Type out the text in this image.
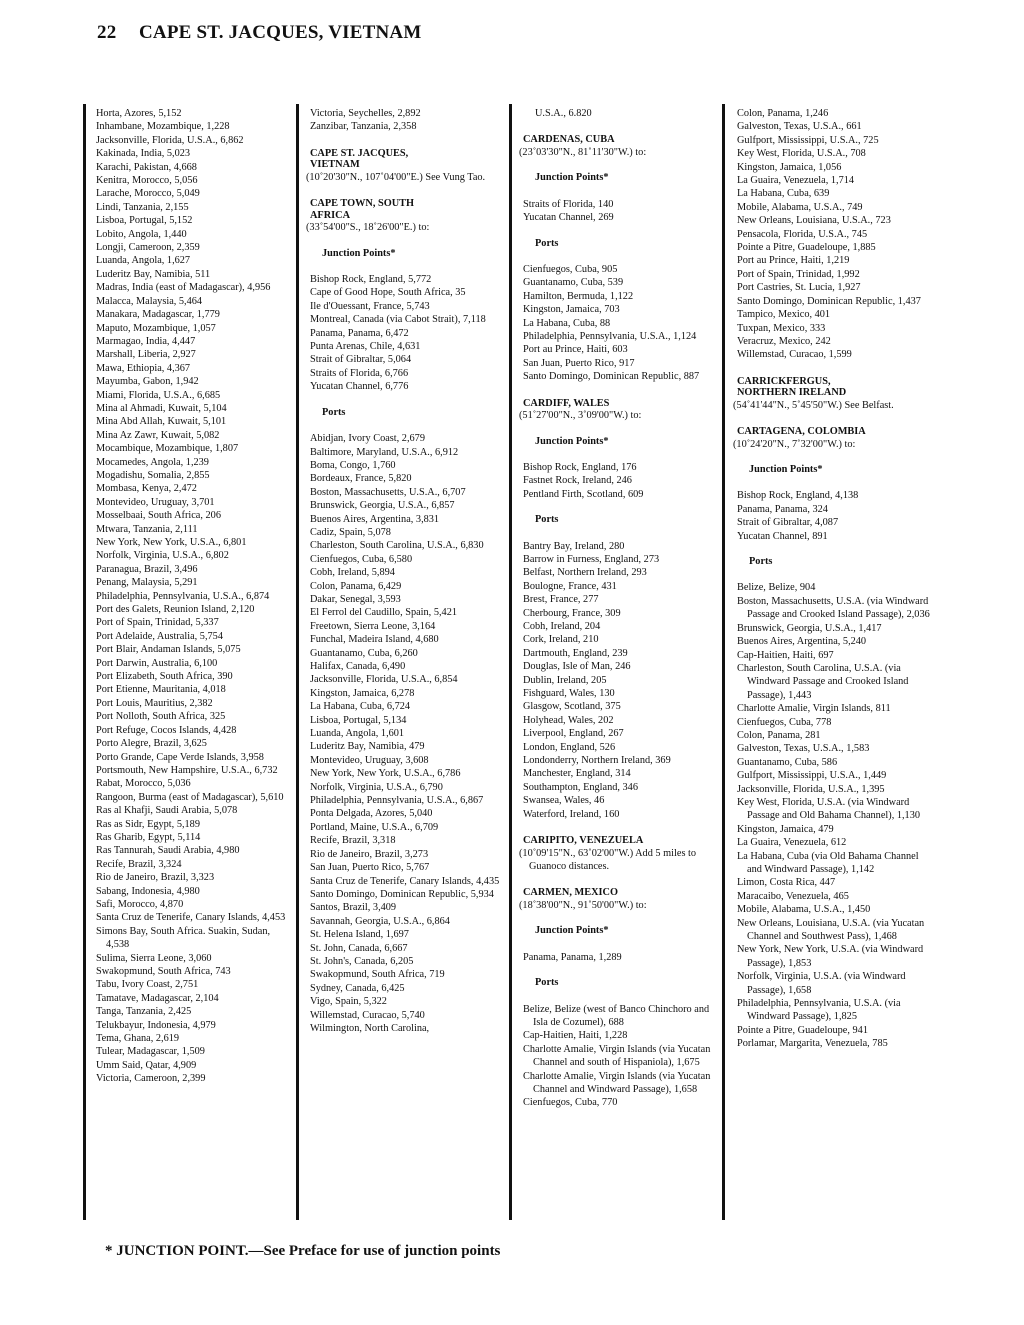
22 CAPE ST. JACQUES, VIETNAM
Horta, Azores, 5,152
Inhambane, Mozambique, 1,228
Jacksonville, Florida, U.S.A., 6,862
Kakinada, India, 5,023
Karachi, Pakistan, 4,668
Kenitra, Morocco, 5,056
Larache, Morocco, 5,049
Lindi, Tanzania, 2,155
Lisboa, Portugal, 5,152
Lobito, Angola, 1,440
Longji, Cameroon, 2,359
Luanda, Angola, 1,627
Luderitz Bay, Namibia, 511
Madras, India (east of Madagascar), 4,956
Malacca, Malaysia, 5,464
Manakara, Madagascar, 1,779
Maputo, Mozambique, 1,057
Marmagao, India, 4,447
Marshall, Liberia, 2,927
Mawa, Ethiopia, 4,367
Mayumba, Gabon, 1,942
Miami, Florida, U.S.A., 6,685
Mina al Ahmadi, Kuwait, 5,104
Mina Abd Allah, Kuwait, 5,101
Mina Az Zawr, Kuwait, 5,082
Mocambique, Mozambique, 1,807
Mocamedes, Angola, 1,239
Mogadishu, Somalia, 2,855
Mombasa, Kenya, 2,472
Montevideo, Uruguay, 3,701
Mosselbaai, South Africa, 206
Mtwara, Tanzania, 2,111
New York, New York, U.S.A., 6,801
Norfolk, Virginia, U.S.A., 6,802
Paranagua, Brazil, 3,496
Penang, Malaysia, 5,291
Philadelphia, Pennsylvania, U.S.A., 6,874
Port des Galets, Reunion Island, 2,120
Port of Spain, Trinidad, 5,337
Port Adelaide, Australia, 5,754
Port Blair, Andaman Islands, 5,075
Port Darwin, Australia, 6,100
Port Elizabeth, South Africa, 390
Port Etienne, Mauritania, 4,018
Port Louis, Mauritius, 2,382
Port Nolloth, South Africa, 325
Port Refuge, Cocos Islands, 4,428
Porto Alegre, Brazil, 3,625
Porto Grande, Cape Verde Islands, 3,958
Portsmouth, New Hampshire, U.S.A., 6,732
Rabat, Morocco, 5,036
Rangoon, Burma (east of Madagascar), 5,610
Ras al Khafji, Saudi Arabia, 5,078
Ras as Sidr, Egypt, 5,189
Ras Gharib, Egypt, 5,114
Ras Tannurah, Saudi Arabia, 4,980
Recife, Brazil, 3,324
Rio de Janeiro, Brazil, 3,323
Sabang, Indonesia, 4,980
Safi, Morocco, 4,870
Santa Cruz de Tenerife, Canary Islands, 4,453
Simons Bay, South Africa. Suakin, Sudan, 4,538
Sulima, Sierra Leone, 3,060
Swakopmund, South Africa, 743
Tabu, Ivory Coast, 2,751
Tamatave, Madagascar, 2,104
Tanga, Tanzania, 2,425
Telukbayur, Indonesia, 4,979
Tema, Ghana, 2,619
Tulear, Madagascar, 1,509
Umm Said, Qatar, 4,909
Victoria, Cameroon, 2,399
Victoria, Seychelles, 2,892
Zanzibar, Tanzania, 2,358
CAPE ST. JACQUES,
VIETNAM
(10˚20'30"N., 107˚04'00"E.) See Vung Tao.
CAPE TOWN, SOUTH
AFRICA
(33˚54'00"S., 18˚26'00"E.) to:
Junction Points*
Bishop Rock, England, 5,772
Cape of Good Hope, South Africa, 35
Ile d'Ouessant, France, 5,743
Montreal, Canada (via Cabot Strait), 7,118
Panama, Panama, 6,472
Punta Arenas, Chile, 4,631
Strait of Gibraltar, 5,064
Straits of Florida, 6,766
Yucatan Channel, 6,776
Ports
Abidjan, Ivory Coast, 2,679
Baltimore, Maryland, U.S.A., 6,912
Boma, Congo, 1,760
Bordeaux, France, 5,820
Boston, Massachusetts, U.S.A., 6,707
Brunswick, Georgia, U.S.A., 6,857
Buenos Aires, Argentina, 3,831
Cadiz, Spain, 5,078
Charleston, South Carolina, U.S.A., 6,830
Cienfuegos, Cuba, 6,580
Cobh, Ireland, 5,894
Colon, Panama, 6,429
Dakar, Senegal, 3,593
El Ferrol del Caudillo, Spain, 5,421
Freetown, Sierra Leone, 3,164
Funchal, Madeira Island, 4,680
Guantanamo, Cuba, 6,260
Halifax, Canada, 6,490
Jacksonville, Florida, U.S.A., 6,854
Kingston, Jamaica, 6,278
La Habana, Cuba, 6,724
Lisboa, Portugal, 5,134
Luanda, Angola, 1,601
Luderitz Bay, Namibia, 479
Montevideo, Uruguay, 3,608
New York, New York, U.S.A., 6,786
Norfolk, Virginia, U.S.A., 6,790
Philadelphia, Pennsylvania, U.S.A., 6,867
Ponta Delgada, Azores, 5,040
Portland, Maine, U.S.A., 6,709
Recife, Brazil, 3,318
Rio de Janeiro, Brazil, 3,273
San Juan, Puerto Rico, 5,767
Santa Cruz de Tenerife, Canary Islands, 4,435
Santo Domingo, Dominican Republic, 5,934
Santos, Brazil, 3,409
Savannah, Georgia, U.S.A., 6,864
St. Helena Island, 1,697
St. John, Canada, 6,667
St. John's, Canada, 6,205
Swakopmund, South Africa, 719
Sydney, Canada, 6,425
Vigo, Spain, 5,322
Willemstad, Curacao, 5,740
Wilmington, North Carolina,
U.S.A., 6.820
CARDENAS, CUBA
(23˚03'30"N., 81˚11'30"W.) to:
Junction Points*
Straits of Florida, 140
Yucatan Channel, 269
Ports
Cienfuegos, Cuba, 905
Guantanamo, Cuba, 539
Hamilton, Bermuda, 1,122
Kingston, Jamaica, 703
La Habana, Cuba, 88
Philadelphia, Pennsylvania, U.S.A., 1,124
Port au Prince, Haiti, 603
San Juan, Puerto Rico, 917
Santo Domingo, Dominican Republic, 887
CARDIFF, WALES
(51˚27'00"N., 3˚09'00"W.) to:
Junction Points*
Bishop Rock, England, 176
Fastnet Rock, Ireland, 246
Pentland Firth, Scotland, 609
Ports
Bantry Bay, Ireland, 280
Barrow in Furness, England, 273
Belfast, Northern Ireland, 293
Boulogne, France, 431
Brest, France, 277
Cherbourg, France, 309
Cobh, Ireland, 204
Cork, Ireland, 210
Dartmouth, England, 239
Douglas, Isle of Man, 246
Dublin, Ireland, 205
Fishguard, Wales, 130
Glasgow, Scotland, 375
Holyhead, Wales, 202
Liverpool, England, 267
London, England, 526
Londonderry, Northern Ireland, 369
Manchester, England, 314
Southampton, England, 346
Swansea, Wales, 46
Waterford, Ireland, 160
CARIPITO, VENEZUELA
(10˚09'15"N., 63˚02'00"W.) Add 5 miles to Guanoco distances.
CARMEN, MEXICO
(18˚38'00"N., 91˚50'00"W.) to:
Junction Points*
Panama, Panama, 1,289
Ports
Belize, Belize (west of Banco Chinchoro and Isla de Cozumel), 688
Cap-Haitien, Haiti, 1,228
Charlotte Amalie, Virgin Islands (via Yucatan Channel and south of Hispaniola), 1,675
Charlotte Amalie, Virgin Islands (via Yucatan Channel and Windward Passage), 1,658
Cienfuegos, Cuba, 770
Colon, Panama, 1,246
Galveston, Texas, U.S.A., 661
Gulfport, Mississippi, U.S.A., 725
Key West, Florida, U.S.A., 708
Kingston, Jamaica, 1,056
La Guaira, Venezuela, 1,714
La Habana, Cuba, 639
Mobile, Alabama, U.S.A., 749
New Orleans, Louisiana, U.S.A., 723
Pensacola, Florida, U.S.A., 745
Pointe a Pitre, Guadeloupe, 1,885
Port au Prince, Haiti, 1,219
Port of Spain, Trinidad, 1,992
Port Castries, St. Lucia, 1,927
Santo Domingo, Dominican Republic, 1,437
Tampico, Mexico, 401
Tuxpan, Mexico, 333
Veracruz, Mexico, 242
Willemstad, Curacao, 1,599
CARRICKFERGUS,
NORTHERN IRELAND
(54˚41'44"N., 5˚45'50"W.) See Belfast.
CARTAGENA, COLOMBIA
(10˚24'20"N., 7˚32'00"W.) to:
Junction Points*
Bishop Rock, England, 4,138
Panama, Panama, 324
Strait of Gibraltar, 4,087
Yucatan Channel, 891
Ports
Belize, Belize, 904
Boston, Massachusetts, U.S.A. (via Windward Passage and Crooked Island Passage), 2,036
Brunswick, Georgia, U.S.A., 1,417
Buenos Aires, Argentina, 5,240
Cap-Haitien, Haiti, 697
Charleston, South Carolina, U.S.A. (via Windward Passage and Crooked Island Passage), 1,443
Charlotte Amalie, Virgin Islands, 811
Cienfuegos, Cuba, 778
Colon, Panama, 281
Galveston, Texas, U.S.A., 1,583
Guantanamo, Cuba, 586
Gulfport, Mississippi, U.S.A., 1,449
Jacksonville, Florida, U.S.A., 1,395
Key West, Florida, U.S.A. (via Windward Passage and Old Bahama Channel), 1,130
Kingston, Jamaica, 479
La Guaira, Venezuela, 612
La Habana, Cuba (via Old Bahama Channel and Windward Passage), 1,142
Limon, Costa Rica, 447
Maracaibo, Venezuela, 465
Mobile, Alabama, U.S.A., 1,450
New Orleans, Louisiana, U.S.A. (via Yucatan Channel and Southwest Pass), 1,468
New York, New York, U.S.A. (via Windward Passage), 1,853
Norfolk, Virginia, U.S.A. (via Windward Passage), 1,658
Philadelphia, Pennsylvania, U.S.A. (via Windward Passage), 1,825
Pointe a Pitre, Guadeloupe, 941
Porlamar, Margarita, Venezuela, 785
* JUNCTION POINT.—See Preface for use of junction points
